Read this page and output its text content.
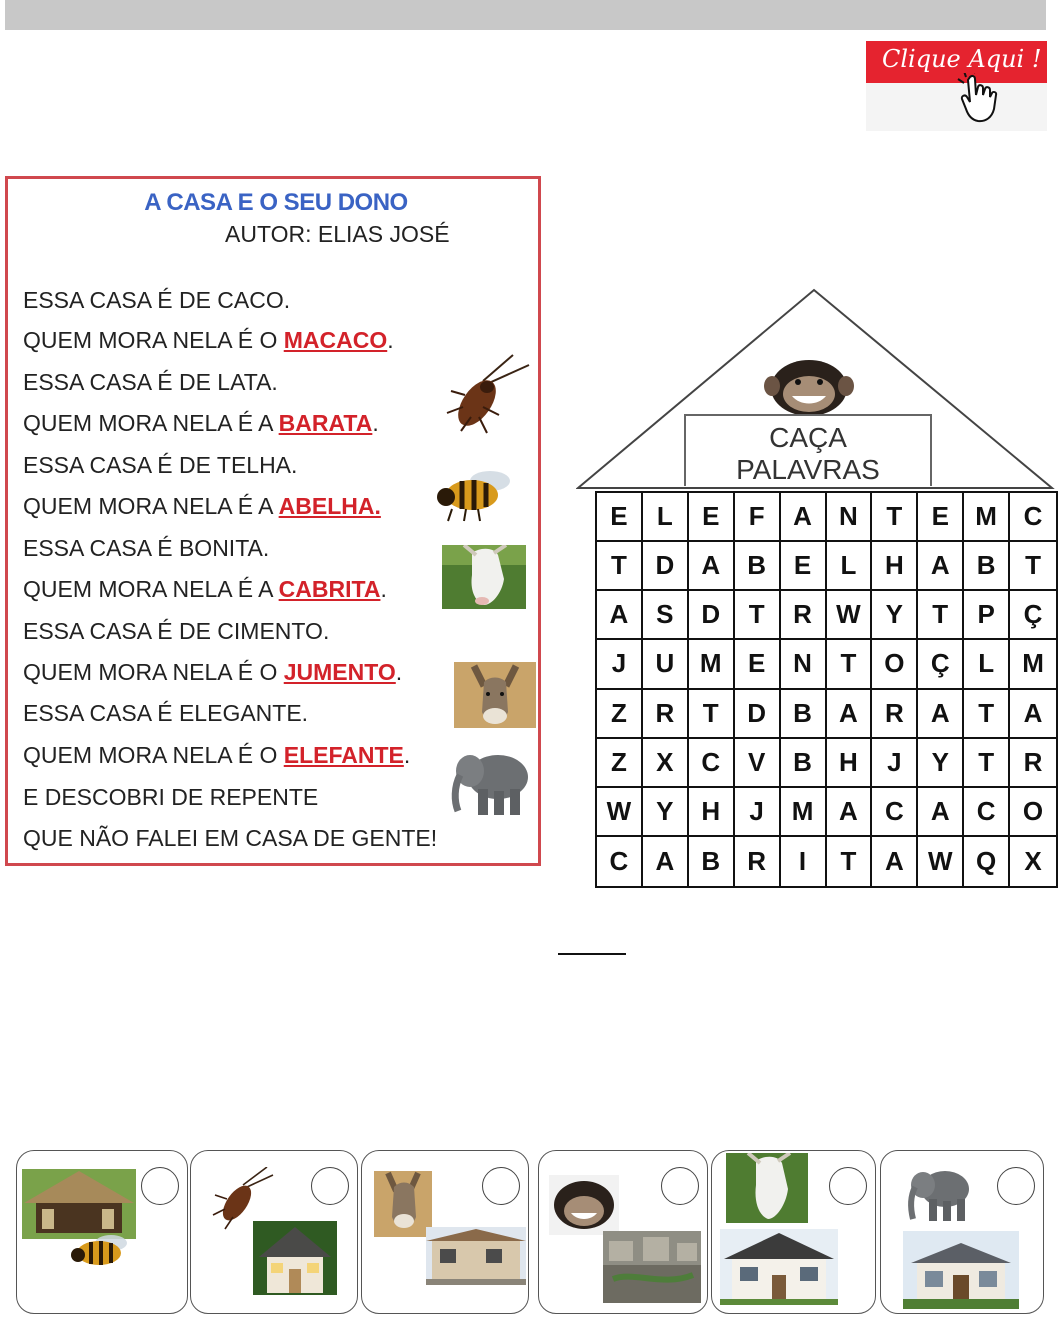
Clique Aqui !
A CASA E O SEU DONO
AUTOR: ELIAS JOSÉ
ESSA CASA É DE CACO.
QUEM MORA NELA É O MACACO.
ESSA CASA É DE LATA.
QUEM MORA NELA É A BARATA.
ESSA CASA É DE TELHA.
QUEM MORA NELA É A ABELHA.
ESSA CASA É BONITA.
QUEM MORA NELA É A CABRITA.
ESSA CASA É DE CIMENTO.
QUEM MORA NELA É O JUMENTO.
ESSA CASA É ELEGANTE.
QUEM MORA NELA É O ELEFANTE.
E DESCOBRI DE REPENTE
QUE NÃO FALEI EM CASA DE GENTE!
CAÇA
PALAVRAS
E	L	E	F	A	N	T	E	M	C
T	D	A	B	E	L	H	A	B	T
A	S	D	T	R W Y	T	P	Ç
J	U M	E	N	T	O	Ç	L	M
Z	R	T	D	B	A	R	A	T	A
Z	X	C	V	B	H	J	Y	T	R
W Y	H	J	M A	C	A	C	O
C	A	B	R	I	T	A W Q	X
